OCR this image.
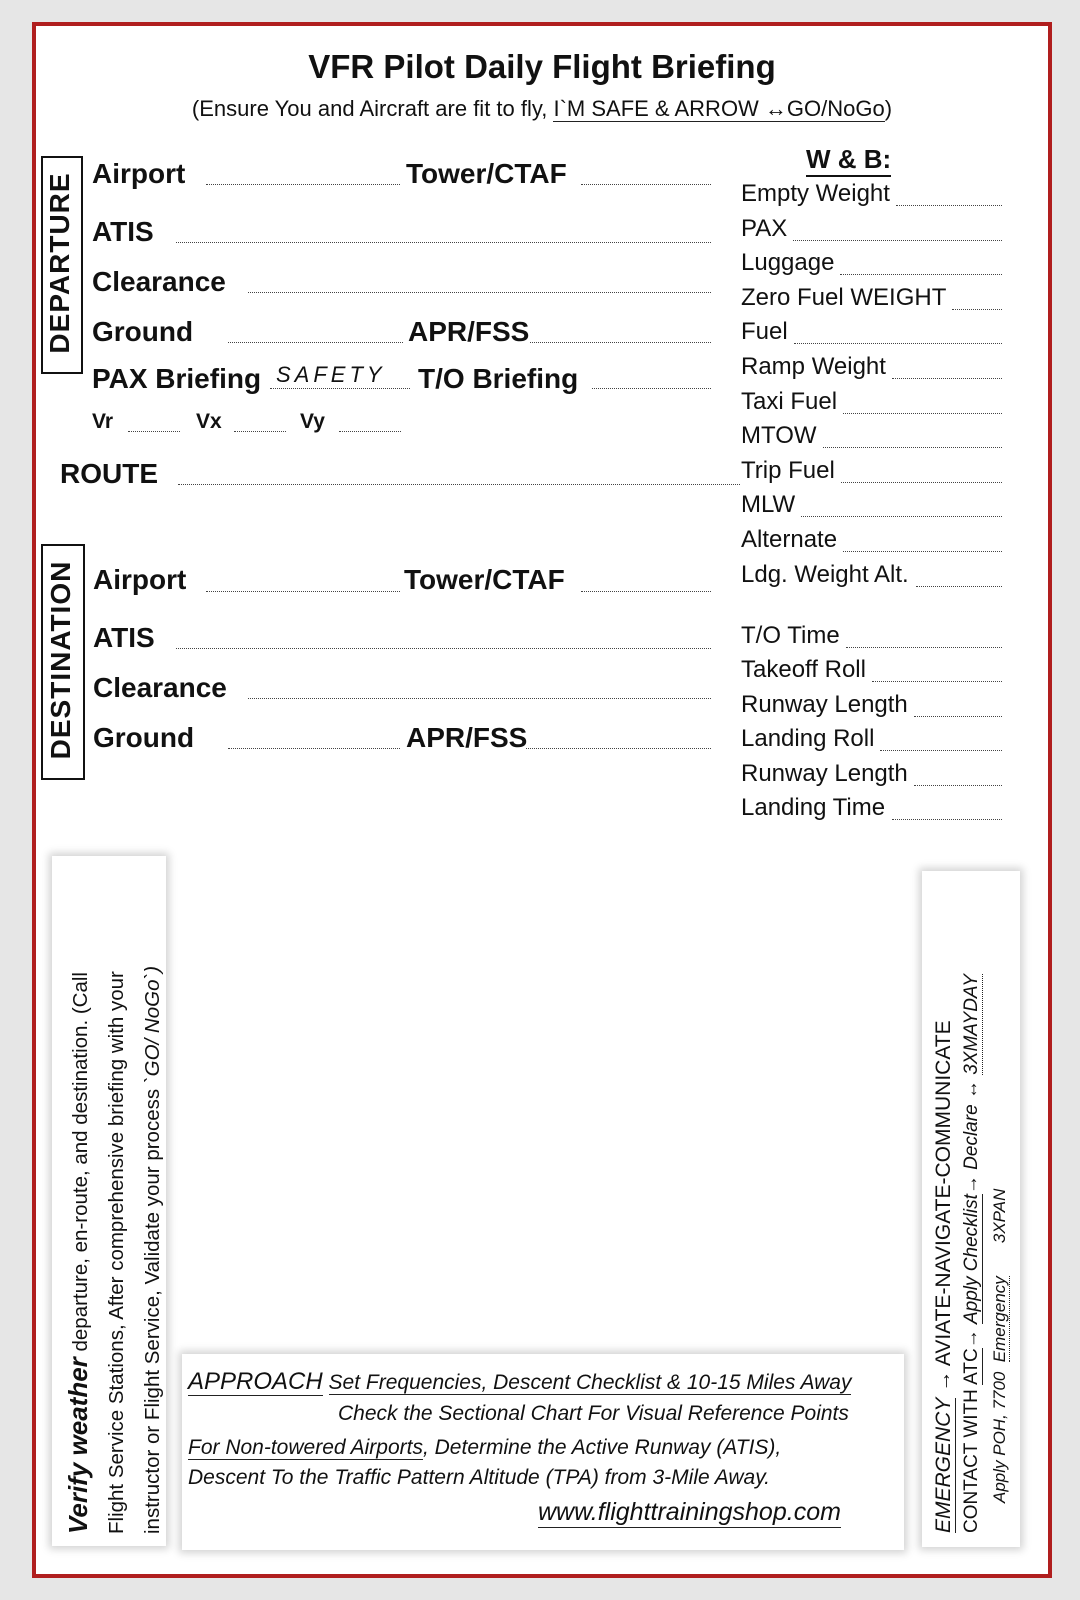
VFR Pilot Daily Flight Briefing
(Ensure You and Aircraft are fit to fly, I`M SAFE & ARROW ↔GO/NoGo)
DEPARTURE Airport	Tower/CTAF
ATIS
Clearance
Ground	APR/FSS
PAX Briefing SAFETY T/O Briefing
Vr	Vx	Vy
ROUTE
DESTINATION Airport	Tower/CTAF
ATIS
Clearance
Ground	APR/FSS
W & B:
Empty Weight
PAX
Luggage
Zero Fuel WEIGHT
Fuel
Ramp Weight
Taxi Fuel
MTOW
Trip Fuel
MLW
Alternate
Ldg. Weight Alt.
T/O Time
Takeoff Roll
Runway Length
Landing Roll
Runway Length
Landing Time
Verify weather departure, en-route, and destination. (Call Flight Service Stations, After comprehensive briefing with your instructor or Flight Service, Validate your process `GO/ NoGo`)
APPROACH Set Frequencies, Descent Checklist & 10-15 Miles Away
Check the Sectional Chart For Visual Reference Points
For Non-towered Airports, Determine the Active Runway (ATIS),
Descent To the Traffic Pattern Altitude (TPA) from 3-Mile Away.
www.flighttrainingshop.com	EMERGENCY → AVIATE-NAVIGATE-COMMUNICATE
CONTACT WITH ATC→ Apply Checklist→ Declare ↔ 3XMAYDAY
Apply POH, 7700  Emergency       3XPAN
